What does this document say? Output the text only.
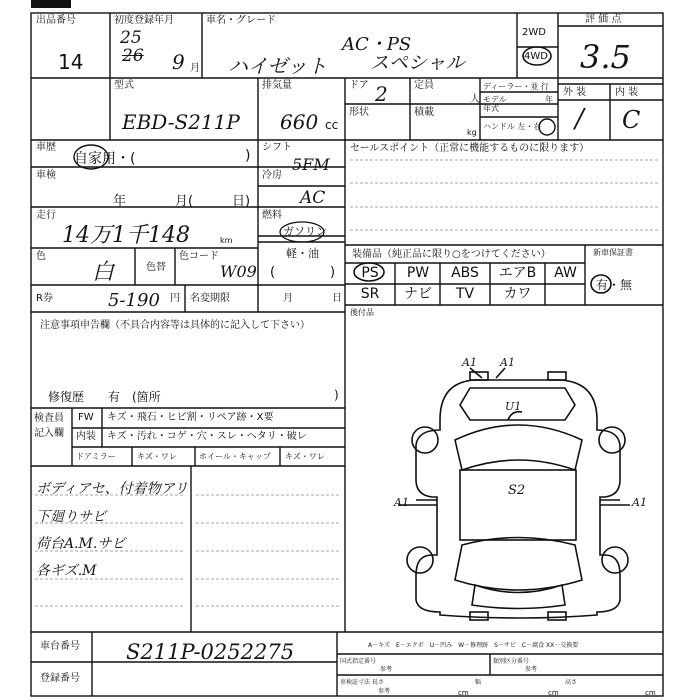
出品番号
14
初度登録年月
25
26 9 月
車名・グレード
AC・PS
ハイゼット スペシャル
2WD
4WD
評 価 点
3.5
型式
EBD-S211P
排気量
660 cc
ドア 2	定員
人
ディーラー・並 行
モデル
年式
年
形状	積載
kg
ハンドル 左・右
外 装	内 装
/ C
車歴
自家用・(	)
シフト
5FM
セールスポイント（正常に機能するものに限ります）
車検
年	月(	日)
冷房
AC
走行
14万1千148	km
燃料
ガソリン
軽・油
(	)
色
白	色替
色コード
W09
R券	5-190 円 名変期限	月	日
装備品（純正品に限り○をつけてください）	新車保証書
有・無
PS	PW	ABS	エアB	AW
SR	ナビ	TV	カワ
後付品
注意事項申告欄（不具合内容等は具体的に記入して下さい）
修復歴　　有　(箇所	)
検査員
記入欄
FW キズ・飛石・ヒビ割・リペア跡・X要
内装 キズ・汚れ・コゲ・穴・スレ・ヘタリ・破レ
ドアミラー	キズ・ワレ	ホイール・キャップ キズ・ワレ
ボディアセ、付着物アリ
下廻りサビ
荷台A.M.サビ
各ギズ.M
A1 A1
U1
S2
A1	A1
車台番号 S211P-0252275
登録番号
A－キズ　E－エクボ　U－凹み　W－修理跡　S－サビ　C－腐食 XX－交換要
国式指定番号
参考
類別区分番号
参考
車検証寸法
参考
長さ	幅	高さ
cm	cm	cm
